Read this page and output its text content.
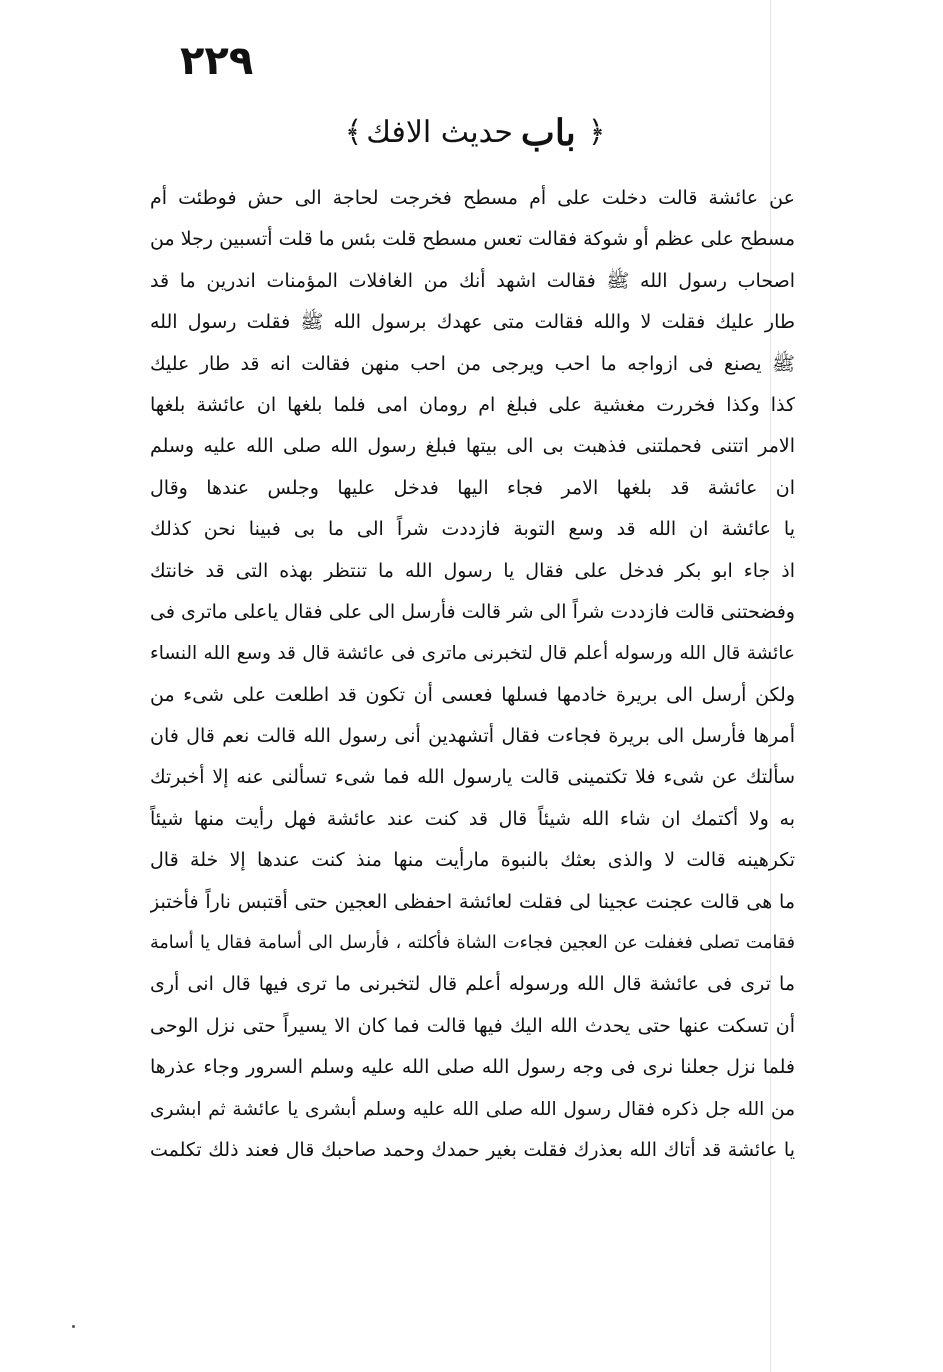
٢٢٩
﴿
باب
حديث الافك
﴾
عن عائشة قالت دخلت على أم مسطح فخرجت لحاجة الى حش فوطئت أم
مسطح على عظم أو شوكة فقالت تعس مسطح قلت بئس ما قلت أتسبين رجلا من
اصحاب رسول الله ﷺ فقالت اشهد أنك من الغافلات المؤمنات اندرين ما قد
طار عليك فقلت لا والله فقالت متى عهدك برسول الله ﷺ فقلت رسول الله
ﷺ يصنع فى ازواجه ما احب ويرجى من احب منهن فقالت انه قد طار عليك
كذا وكذا فخررت مغشية على فبلغ ام رومان امى فلما بلغها ان عائشة بلغها
الامر اتتنى فحملتنى فذهبت بى الى بيتها فبلغ رسول الله صلى الله عليه وسلم
ان عائشة قد بلغها الامر فجاء اليها فدخل عليها وجلس عندها وقال
يا عائشة ان الله قد وسع التوبة فازددت شراً الى ما بى فبينا نحن كذلك
اذ جاء ابو بكر فدخل على فقال يا رسول الله ما تنتظر بهذه التى قد خانتك
وفضحتنى قالت فازددت شراً الى شر قالت فأرسل الى على فقال ياعلى ماترى فى
عائشة قال الله ورسوله أعلم قال لتخبرنى ماترى فى عائشة قال قد وسع الله النساء
ولكن أرسل الى بريرة خادمها فسلها فعسى أن تكون قد اطلعت على شىء من
أمرها فأرسل الى بريرة فجاءت فقال أتشهدين أنى رسول الله قالت نعم قال فان
سألتك عن شىء فلا تكتمينى قالت يارسول الله فما شىء تسألنى عنه إلا أخبرتك
به ولا أكتمك ان شاء الله شيئاً قال قد كنت عند عائشة فهل رأيت منها شيئاً
تكرهينه قالت لا والذى بعثك بالنبوة مارأيت منها منذ كنت عندها إلا خلة قال
ما هى قالت عجنت عجينا لى فقلت لعائشة احفظى العجين حتى أقتبس ناراً فأختبز
فقامت تصلى فغفلت عن العجين فجاءت الشاة فأكلته ، فأرسل الى أسامة فقال يا أسامة
ما ترى فى عائشة قال الله ورسوله أعلم قال لتخبرنى ما ترى فيها قال انى أرى
أن تسكت عنها حتى يحدث الله اليك فيها قالت فما كان الا يسيراً حتى نزل الوحى
فلما نزل جعلنا نرى فى وجه رسول الله صلى الله عليه وسلم السرور وجاء عذرها
من الله جل ذكره فقال رسول الله صلى الله عليه وسلم أبشرى يا عائشة ثم ابشرى
يا عائشة قد أتاك الله بعذرك فقلت بغير حمدك وحمد صاحبك قال فعند ذلك تكلمت
